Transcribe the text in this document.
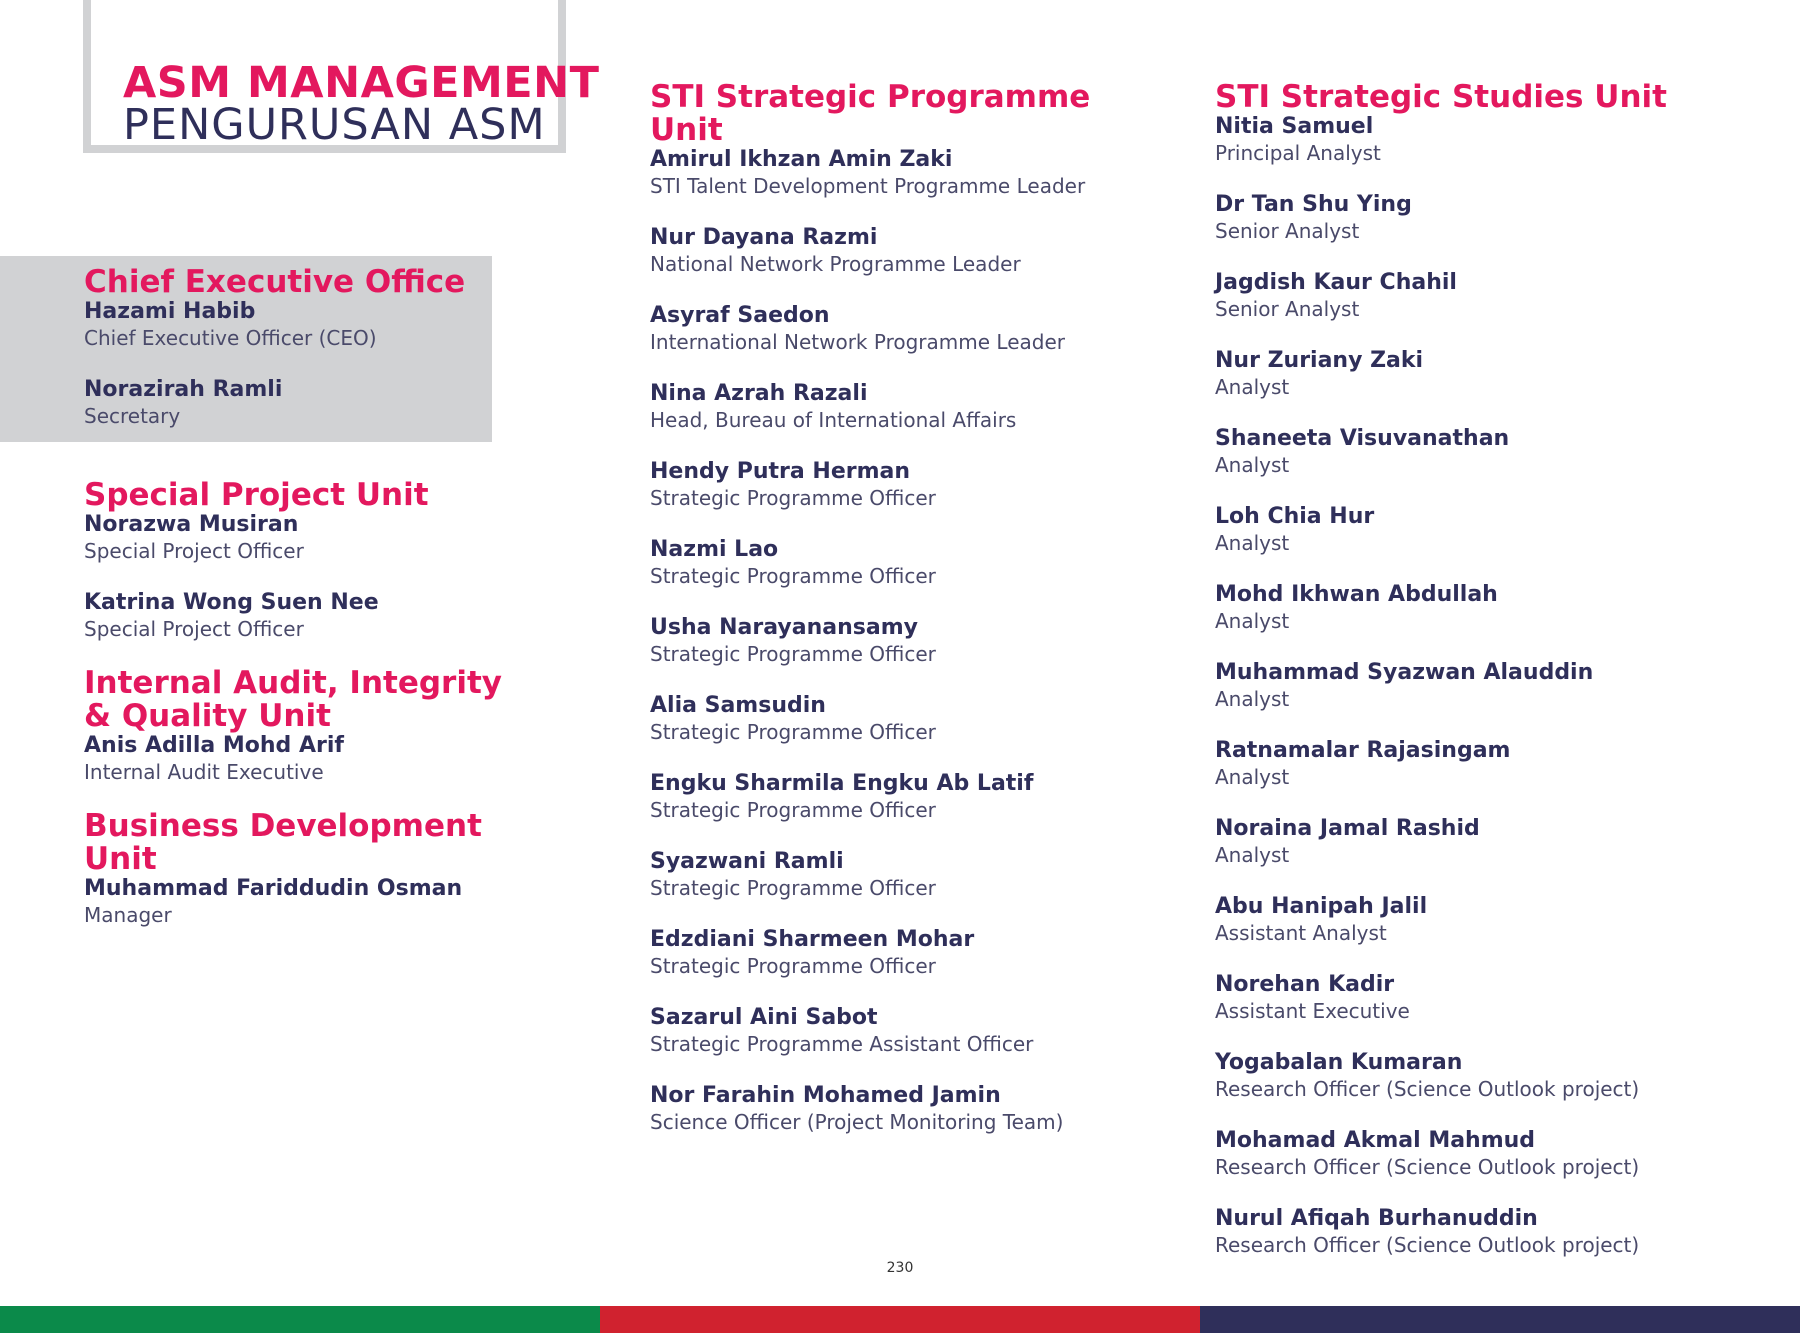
ASM MANAGEMENT
PENGURUSAN ASM
Chief Executive Office
Hazami Habib
Chief Executive Officer (CEO)
Norazirah Ramli
Secretary
Special Project Unit
Norazwa Musiran
Special Project Officer
Katrina Wong Suen Nee
Special Project Officer
Internal Audit, Integrity
& Quality Unit
Anis Adilla Mohd Arif
Internal Audit Executive
Business Development Unit
Muhammad Fariddudin Osman
Manager
STI Strategic Programme Unit
Amirul Ikhzan Amin Zaki
STI Talent Development Programme Leader
Nur Dayana Razmi
National Network Programme Leader
Asyraf Saedon
International Network Programme Leader
Nina Azrah Razali
Head, Bureau of International Affairs
Hendy Putra Herman
Strategic Programme Officer
Nazmi Lao
Strategic Programme Officer
Usha Narayanansamy
Strategic Programme Officer
Alia Samsudin
Strategic Programme Officer
Engku Sharmila Engku Ab Latif
Strategic Programme Officer
Syazwani Ramli
Strategic Programme Officer
Edzdiani Sharmeen Mohar
Strategic Programme Officer
Sazarul Aini Sabot
Strategic Programme Assistant Officer
Nor Farahin Mohamed Jamin
Science Officer (Project Monitoring Team)
STI Strategic Studies Unit
Nitia Samuel
Principal Analyst
Dr Tan Shu Ying
Senior Analyst
Jagdish Kaur Chahil
Senior Analyst
Nur Zuriany Zaki
Analyst
Shaneeta Visuvanathan
Analyst
Loh Chia Hur
Analyst
Mohd Ikhwan Abdullah
Analyst
Muhammad Syazwan Alauddin
Analyst
Ratnamalar Rajasingam
Analyst
Noraina Jamal Rashid
Analyst
Abu Hanipah Jalil
Assistant Analyst
Norehan Kadir
Assistant Executive
Yogabalan Kumaran
Research Officer (Science Outlook project)
Mohamad Akmal Mahmud
Research Officer (Science Outlook project)
Nurul Afiqah Burhanuddin
Research Officer (Science Outlook project)
230
